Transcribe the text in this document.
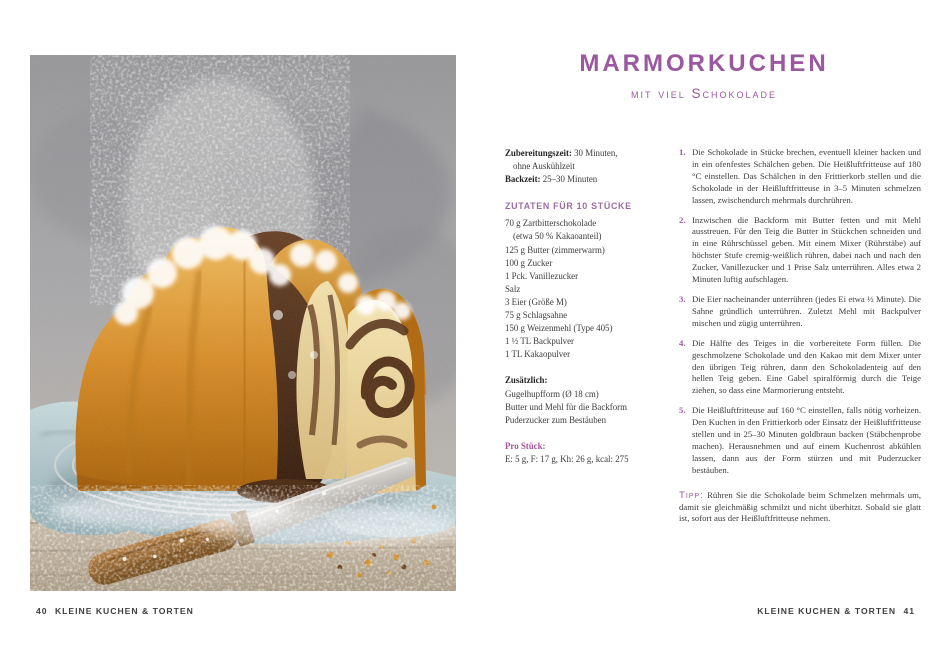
MARMORKUCHEN
mit viel Schokolade
Zubereitungszeit: 30 Minuten,
ohne Auskühlzeit
Backzeit: 25–30 Minuten
ZUTATEN FÜR 10 STÜCKE
70 g Zartbitterschokolade
(etwa 50 % Kakaoanteil)
125 g Butter (zimmerwarm)
100 g Zucker
1 Pck. Vanillezucker
Salz
3 Eier (Größe M)
75 g Schlagsahne
150 g Weizenmehl (Type 405)
1 ½ TL Backpulver
1 TL Kakaopulver
Zusätzlich:
Gugelhupfform (Ø 18 cm)
Butter und Mehl für die Backform
Puderzucker zum Bestäuben
Pro Stück:
E: 5 g, F: 17 g, Kh: 26 g, kcal: 275
1. Die Schokolade in Stücke brechen, eventuell kleiner hacken und in ein ofenfestes Schälchen geben. Die Heißluftfritteuse auf 180 °C einstellen. Das Schälchen in den Frittierkorb stellen und die Schokolade in der Heißluftfritteuse in 3–5 Minuten schmelzen lassen, zwischendurch mehrmals durchrühren.
2. Inzwischen die Backform mit Butter fetten und mit Mehl ausstreuen. Für den Teig die Butter in Stückchen schneiden und in eine Rührschüssel geben. Mit einem Mixer (Rührstäbe) auf höchster Stufe cremig-weißlich rühren, dabei nach und nach den Zucker, Vanillezucker und 1 Prise Salz unterrühren. Alles etwa 2 Minuten luftig aufschlagen.
3. Die Eier nacheinander unterrühren (jedes Ei etwa ½ Minute). Die Sahne gründlich unterrühren. Zuletzt Mehl mit Backpulver mischen und zügig unterrühren.
4. Die Hälfte des Teiges in die vorbereitete Form füllen. Die geschmolzene Schokolade und den Kakao mit dem Mixer unter den übrigen Teig rühren, dann den Schokoladenteig auf den hellen Teig geben. Eine Gabel spiralförmig durch die Teige ziehen, so dass eine Marmorierung entsteht.
5. Die Heißluftfritteuse auf 160 °C einstellen, falls nötig vorheizen. Den Kuchen in den Frittierkorb oder Einsatz der Heißluftfritteuse stellen und in 25–30 Minuten goldbraun backen (Stäbchenprobe machen). Herausnehmen und auf einem Kuchenrost abkühlen lassen, dann aus der Form stürzen und mit Puderzucker bestäuben.
Tipp: Rühren Sie die Schokolade beim Schmelzen mehrmals um, damit sie gleichmäßig schmilzt und nicht überhitzt. Sobald sie glatt ist, sofort aus der Heißluftfritteuse nehmen.
40 KLEINE KUCHEN & TORTEN	KLEINE KUCHEN & TORTEN 41
